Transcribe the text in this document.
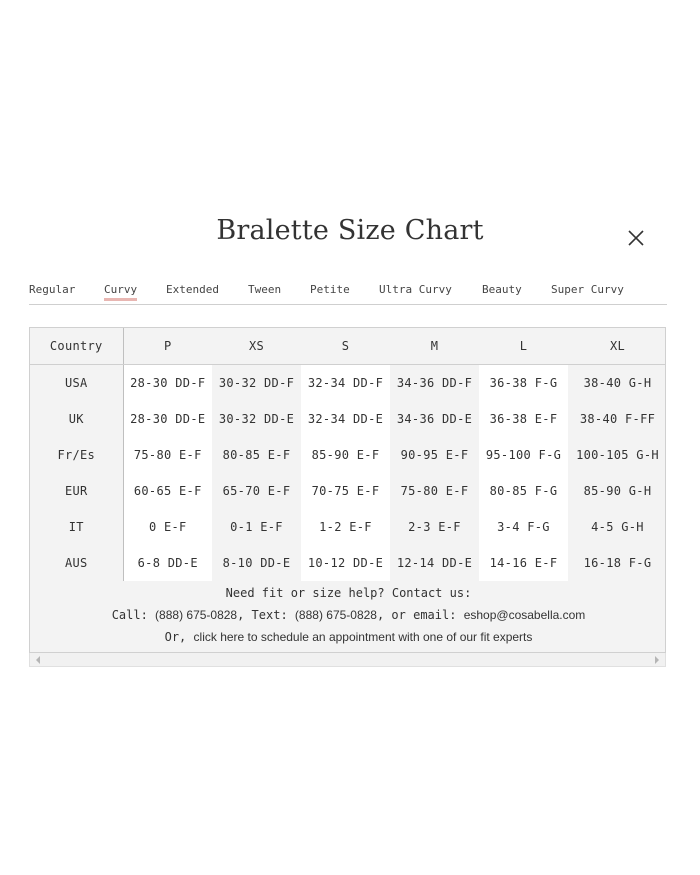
Bralette Size Chart
Regular	Curvy	Extended	Tween	Petite	Ultra Curvy	Beauty	Super Curvy
Country	P	XS	S	M	L	XL
USA	28-30 DD-F	30-32 DD-F	32-34 DD-F	34-36 DD-F	36-38 F-G	38-40 G-H
UK	28-30 DD-E	30-32 DD-E	32-34 DD-E	34-36 DD-E	36-38 E-F	38-40 F-FF
Fr/Es	75-80 E-F	80-85 E-F	85-90 E-F	90-95 E-F	95-100 F-G	100-105 G-H
EUR	60-65 E-F	65-70 E-F	70-75 E-F	75-80 E-F	80-85 F-G	85-90 G-H
IT	0 E-F	0-1 E-F	1-2 E-F	2-3 E-F	3-4 F-G	4-5 G-H
AUS	6-8 DD-E	8-10 DD-E	10-12 DD-E	12-14 DD-E	14-16 E-F	16-18 F-G
Need fit or size help? Contact us:
Call: (888) 675-0828, Text: (888) 675-0828, or email: eshop@cosabella.com
Or, click here to schedule an appointment with one of our fit experts
